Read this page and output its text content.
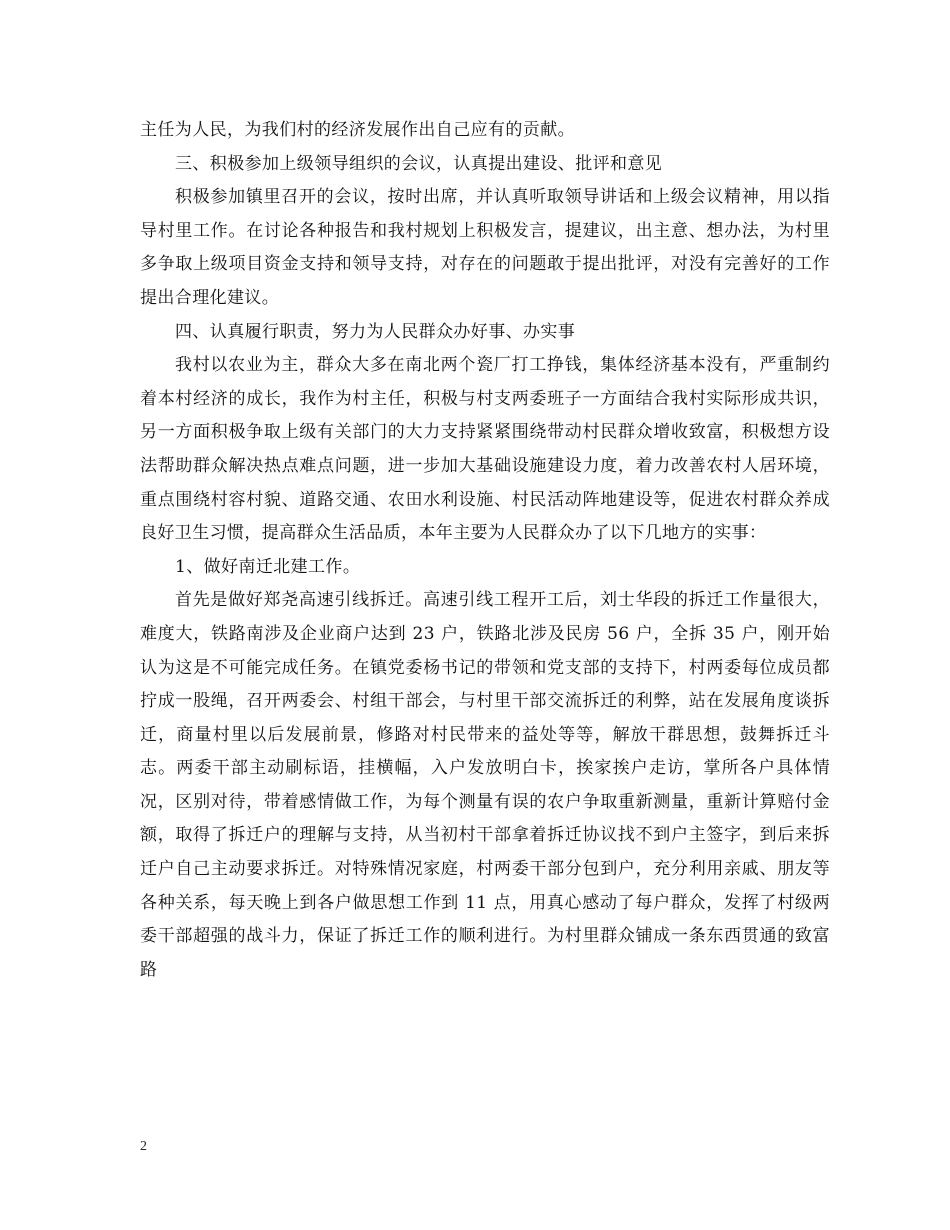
主任为人民，为我们村的经济发展作出自己应有的贡献。

三、积极参加上级领导组织的会议，认真提出建设、批评和意见

积极参加镇里召开的会议，按时出席，并认真听取领导讲话和上级会议精神，用以指导村里工作。在讨论各种报告和我村规划上积极发言，提建议，出主意、想办法，为村里多争取上级项目资金支持和领导支持，对存在的问题敢于提出批评，对没有完善好的工作提出合理化建议。

四、认真履行职责，努力为人民群众办好事、办实事

我村以农业为主，群众大多在南北两个瓷厂打工挣钱，集体经济基本没有，严重制约着本村经济的成长，我作为村主任，积极与村支两委班子一方面结合我村实际形成共识，另一方面积极争取上级有关部门的大力支持紧紧围绕带动村民群众增收致富，积极想方设法帮助群众解决热点难点问题，进一步加大基础设施建设力度，着力改善农村人居环境，重点围绕村容村貌、道路交通、农田水利设施、村民活动阵地建设等，促进农村群众养成良好卫生习惯，提高群众生活品质，本年主要为人民群众办了以下几地方的实事：

1、做好南迁北建工作。

首先是做好郑尧高速引线拆迁。高速引线工程开工后，刘士华段的拆迁工作量很大，难度大，铁路南涉及企业商户达到 23 户，铁路北涉及民房 56 户，全拆 35 户，刚开始认为这是不可能完成任务。在镇党委杨书记的带领和党支部的支持下，村两委每位成员都拧成一股绳，召开两委会、村组干部会，与村里干部交流拆迁的利弊，站在发展角度谈拆迁，商量村里以后发展前景，修路对村民带来的益处等等，解放干群思想，鼓舞拆迁斗志。两委干部主动刷标语，挂横幅，入户发放明白卡，挨家挨户走访，掌所各户具体情况，区别对待，带着感情做工作，为每个测量有误的农户争取重新测量，重新计算赔付金额，取得了拆迁户的理解与支持，从当初村干部拿着拆迁协议找不到户主签字，到后来拆迁户自己主动要求拆迁。对特殊情况家庭，村两委干部分包到户，充分利用亲戚、朋友等各种关系，每天晚上到各户做思想工作到 11 点，用真心感动了每户群众，发挥了村级两委干部超强的战斗力，保证了拆迁工作的顺利进行。为村里群众铺成一条东西贯通的致富路

2
